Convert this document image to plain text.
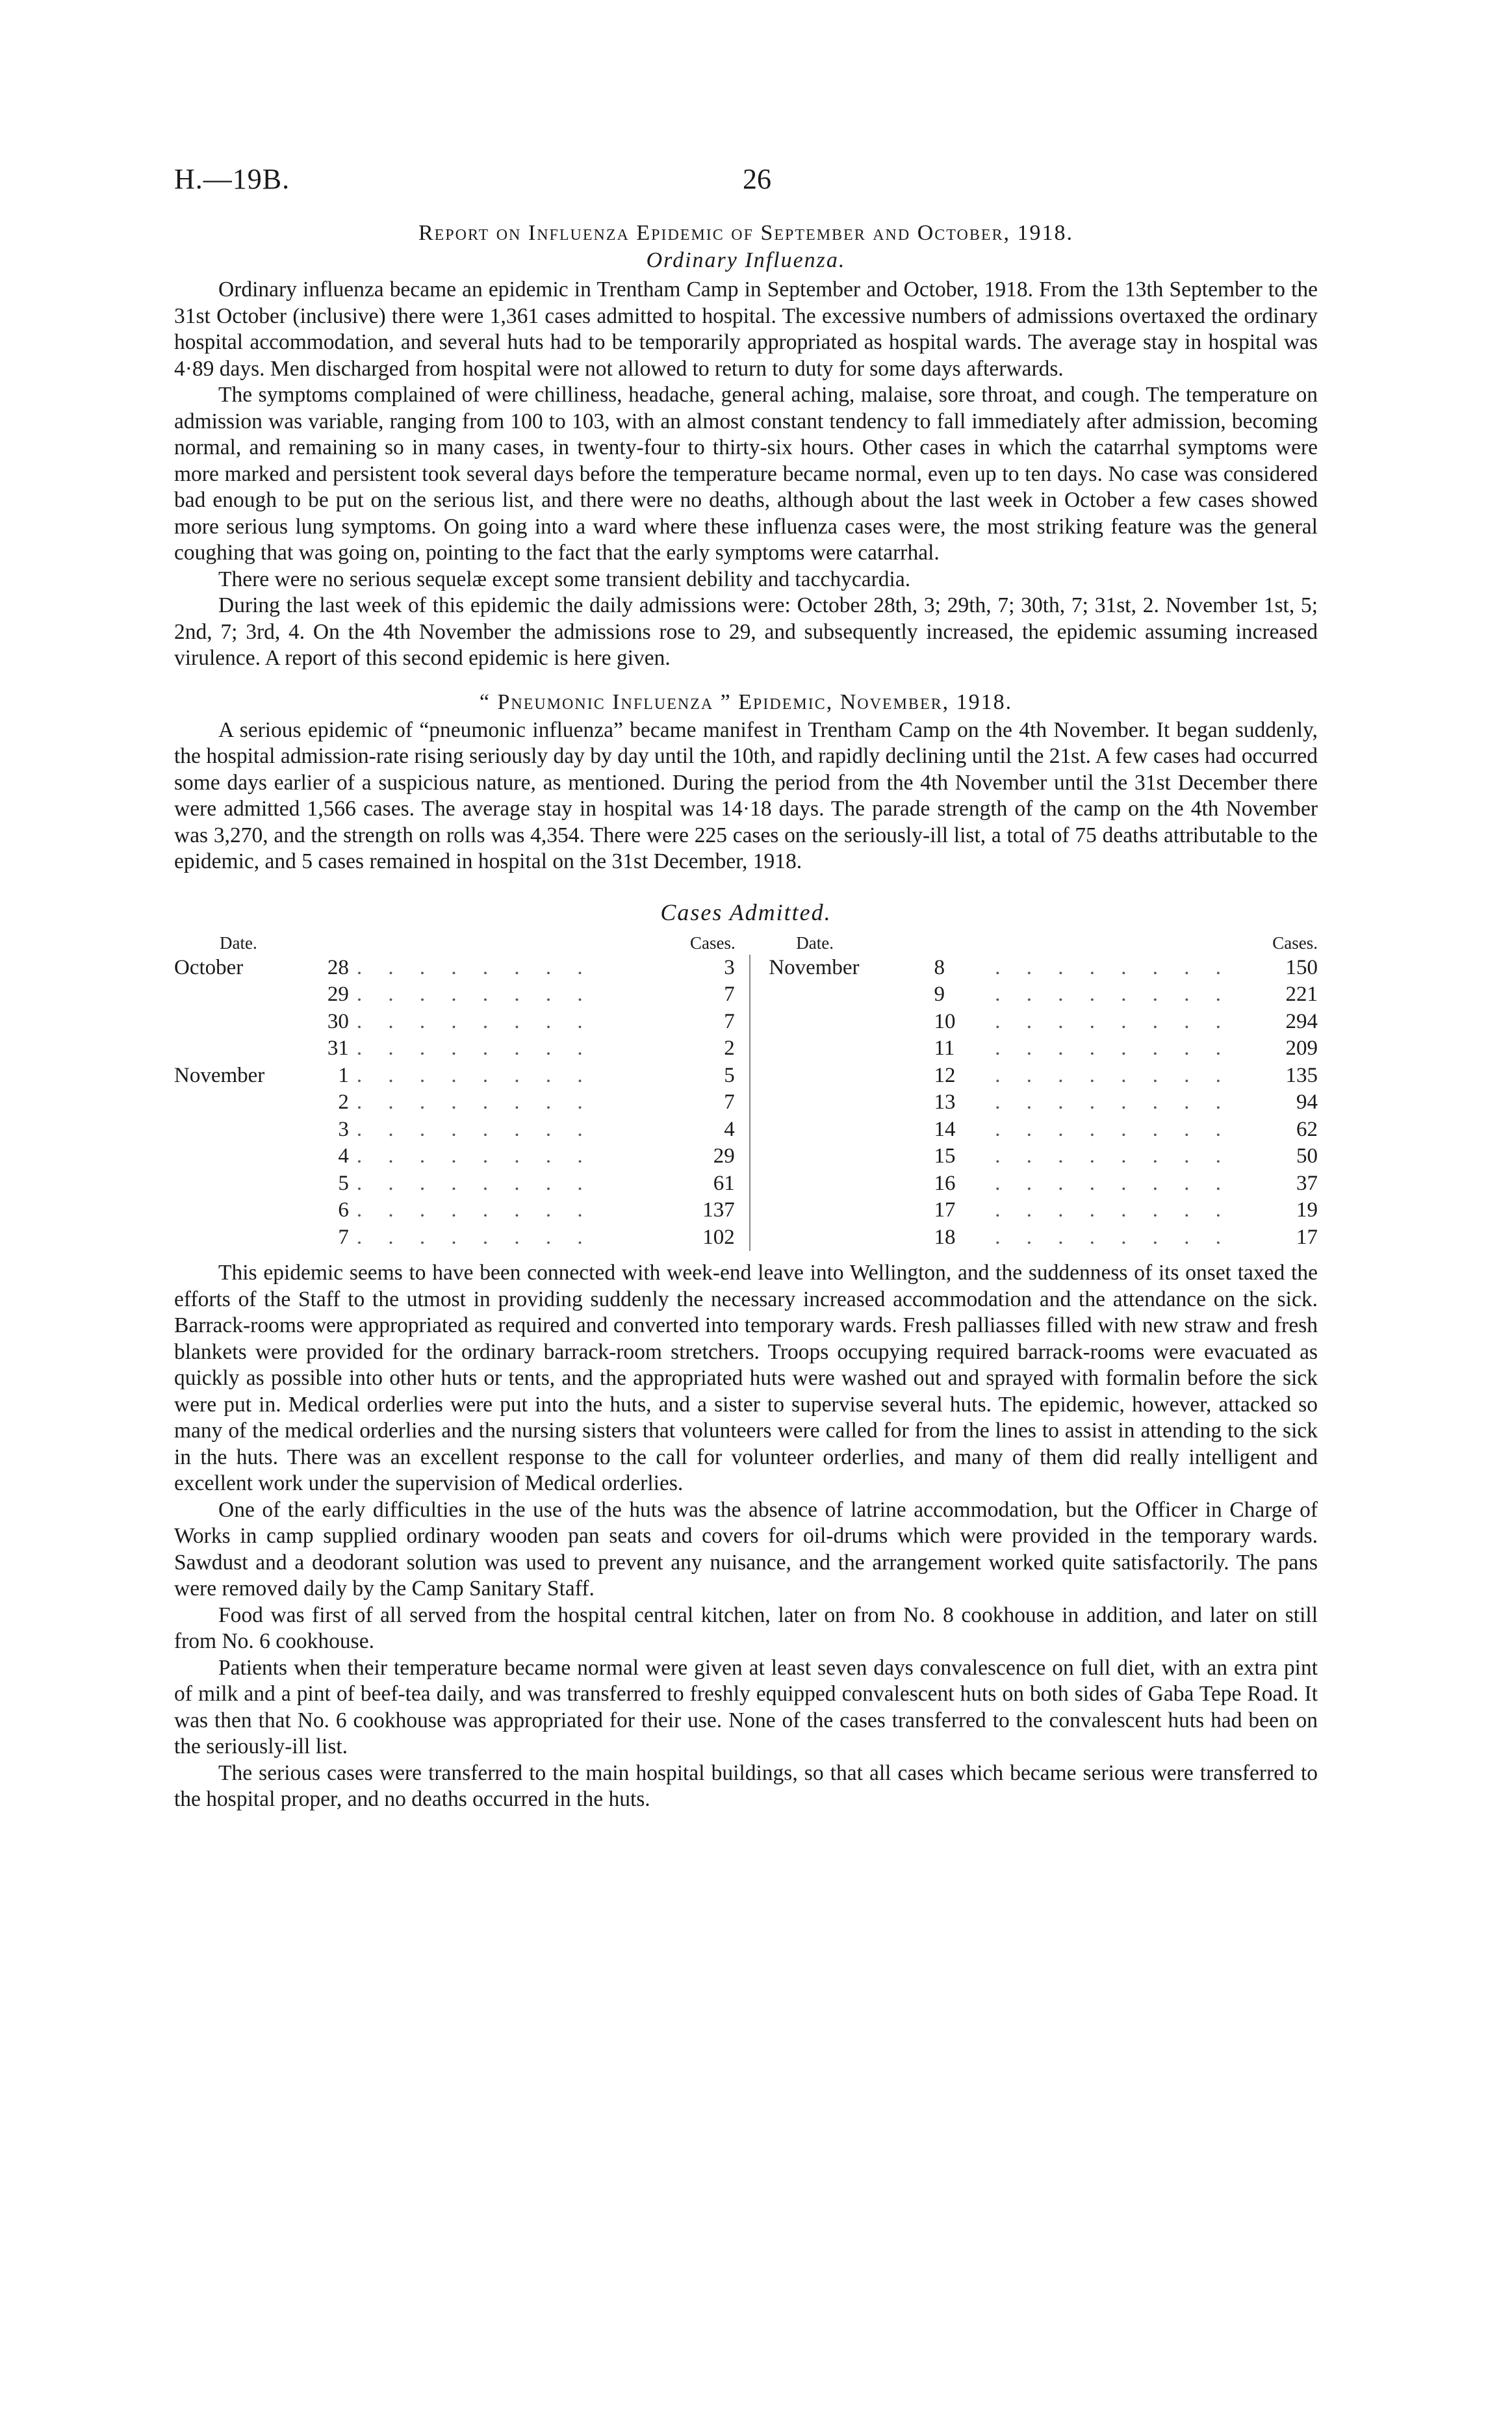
H.—19B.	26
Report on Influenza Epidemic of September and October, 1918.
Ordinary Influenza.

Ordinary influenza became an epidemic in Trentham Camp in September and October, 1918. From the 13th September to the 31st October (inclusive) there were 1,361 cases admitted to hospital. The excessive numbers of admissions overtaxed the ordinary hospital accommodation, and several huts had to be temporarily appropriated as hospital wards. The average stay in hospital was 4·89 days. Men discharged from hospital were not allowed to return to duty for some days afterwards.

The symptoms complained of were chilliness, headache, general aching, malaise, sore throat, and cough. The temperature on admission was variable, ranging from 100 to 103, with an almost constant tendency to fall immediately after admission, becoming normal, and remaining so in many cases, in twenty-four to thirty-six hours. Other cases in which the catarrhal symptoms were more marked and persistent took several days before the temperature became normal, even up to ten days. No case was considered bad enough to be put on the serious list, and there were no deaths, although about the last week in October a few cases showed more serious lung symptoms. On going into a ward where these influenza cases were, the most striking feature was the general coughing that was going on, pointing to the fact that the early symptoms were catarrhal.

There were no serious sequelæ except some transient debility and tacchycardia.

During the last week of this epidemic the daily admissions were: October 28th, 3; 29th, 7; 30th, 7; 31st, 2. November 1st, 5; 2nd, 7; 3rd, 4. On the 4th November the admissions rose to 29, and subsequently increased, the epidemic assuming increased virulence. A report of this second epidemic is here given.

“ Pneumonic Influenza ” Epidemic, November, 1918.

A serious epidemic of “pneumonic influenza” became manifest in Trentham Camp on the 4th November. It began suddenly, the hospital admission-rate rising seriously day by day until the 10th, and rapidly declining until the 21st. A few cases had occurred some days earlier of a suspicious nature, as mentioned. During the period from the 4th November until the 31st December there were admitted 1,566 cases. The average stay in hospital was 14·18 days. The parade strength of the camp on the 4th November was 3,270, and the strength on rolls was 4,354. There were 225 cases on the seriously-ill list, a total of 75 deaths attributable to the epidemic, and 5 cases remained in hospital on the 31st December, 1918.

Cases Admitted.
Date.			Cases.		Date.			Cases.
October	28	. . . . . . . .	3		November	8	. . . . . . . .	150
	29	. . . . . . . .	7			9	. . . . . . . .	221
	30	. . . . . . . .	7			10	. . . . . . . .	294
	31	. . . . . . . .	2			11	. . . . . . . .	209
November	1	. . . . . . . .	5			12	. . . . . . . .	135
	2	. . . . . . . .	7			13	. . . . . . . .	94
	3	. . . . . . . .	4			14	. . . . . . . .	62
	4	. . . . . . . .	29			15	. . . . . . . .	50
	5	. . . . . . . .	61			16	. . . . . . . .	37
	6	. . . . . . . .	137			17	. . . . . . . .	19
	7	. . . . . . . .	102			18	. . . . . . . .	17

This epidemic seems to have been connected with week-end leave into Wellington, and the suddenness of its onset taxed the efforts of the Staff to the utmost in providing suddenly the necessary increased accommodation and the attendance on the sick. Barrack-rooms were appropriated as required and converted into temporary wards. Fresh palliasses filled with new straw and fresh blankets were provided for the ordinary barrack-room stretchers. Troops occupying required barrack-rooms were evacuated as quickly as possible into other huts or tents, and the appropriated huts were washed out and sprayed with formalin before the sick were put in. Medical orderlies were put into the huts, and a sister to supervise several huts. The epidemic, however, attacked so many of the medical orderlies and the nursing sisters that volunteers were called for from the lines to assist in attending to the sick in the huts. There was an excellent response to the call for volunteer orderlies, and many of them did really intelligent and excellent work under the supervision of Medical orderlies.

One of the early difficulties in the use of the huts was the absence of latrine accommodation, but the Officer in Charge of Works in camp supplied ordinary wooden pan seats and covers for oil-drums which were provided in the temporary wards. Sawdust and a deodorant solution was used to prevent any nuisance, and the arrangement worked quite satisfactorily. The pans were removed daily by the Camp Sanitary Staff.

Food was first of all served from the hospital central kitchen, later on from No. 8 cookhouse in addition, and later on still from No. 6 cookhouse.

Patients when their temperature became normal were given at least seven days convalescence on full diet, with an extra pint of milk and a pint of beef-tea daily, and was transferred to freshly equipped convalescent huts on both sides of Gaba Tepe Road. It was then that No. 6 cookhouse was appropriated for their use. None of the cases transferred to the convalescent huts had been on the seriously-ill list.

The serious cases were transferred to the main hospital buildings, so that all cases which became serious were transferred to the hospital proper, and no deaths occurred in the huts.
